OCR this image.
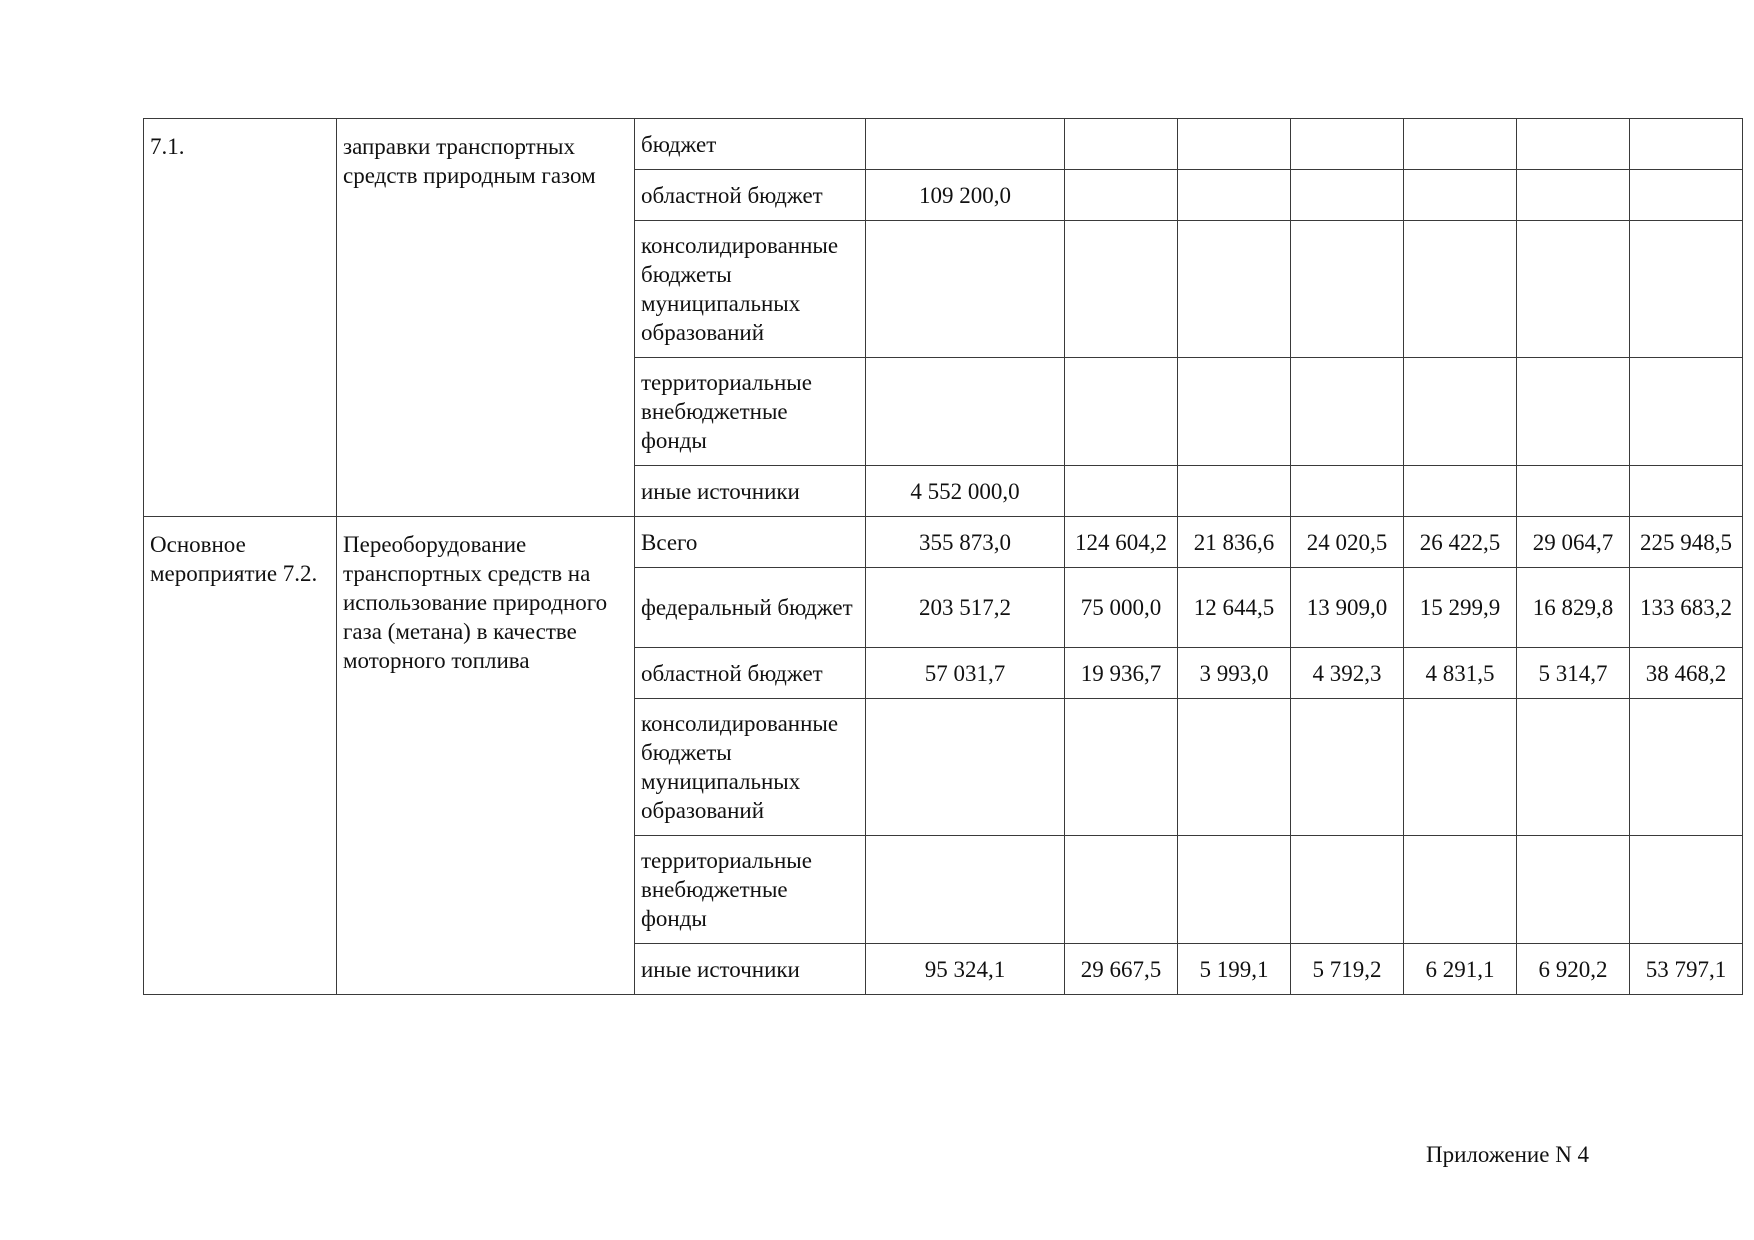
7.1.	заправки транспортных средств природным газом	бюджет							
		областной бюджет	109 200,0						
		консолидированные бюджеты муниципальных образований							
		территориальные внебюджетные фонды							
		иные источники	4 552 000,0						
Основное мероприятие 7.2.	Переоборудование транспортных средств на использование природного газа (метана) в качестве моторного топлива	Всего	355 873,0	124 604,2	21 836,6	24 020,5	26 422,5	29 064,7	225 948,5
		федеральный бюджет	203 517,2	75 000,0	12 644,5	13 909,0	15 299,9	16 829,8	133 683,2
		областной бюджет	57 031,7	19 936,7	3 993,0	4 392,3	4 831,5	5 314,7	38 468,2
		консолидированные бюджеты муниципальных образований							
		территориальные внебюджетные фонды							
		иные источники	95 324,1	29 667,5	5 199,1	5 719,2	6 291,1	6 920,2	53 797,1
Приложение N 4
